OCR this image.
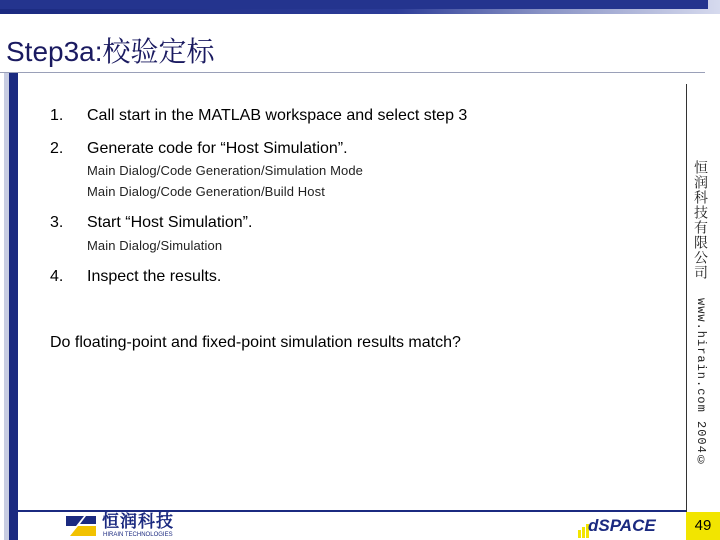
Step3a:校验定标
恒润科技有限公司 www.hirain.com 2004©
1. Call start in the MATLAB workspace and select step 3
2. Generate code for “Host Simulation”.
Main Dialog/Code Generation/Simulation Mode
Main Dialog/Code Generation/Build Host
3. Start “Host Simulation”.
Main Dialog/Simulation
4. Inspect the results.
Do floating-point and fixed-point simulation results match?
恒润科技
HIRAIN TECHNOLOGIES	dSPACE	49
